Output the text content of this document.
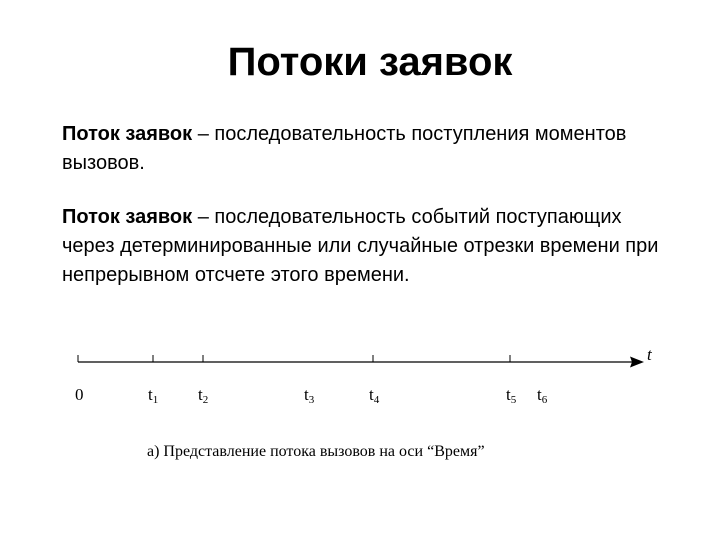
Потоки заявок
Поток заявок – последовательность поступления моментов вызовов.
Поток заявок – последовательность событий поступающих через детерминированные или случайные отрезки времени при непрерывном отсчете этого времени.
t
0	t1 t2	t3	t4	t5 t6
а) Представление потока вызовов на оси “Время”
